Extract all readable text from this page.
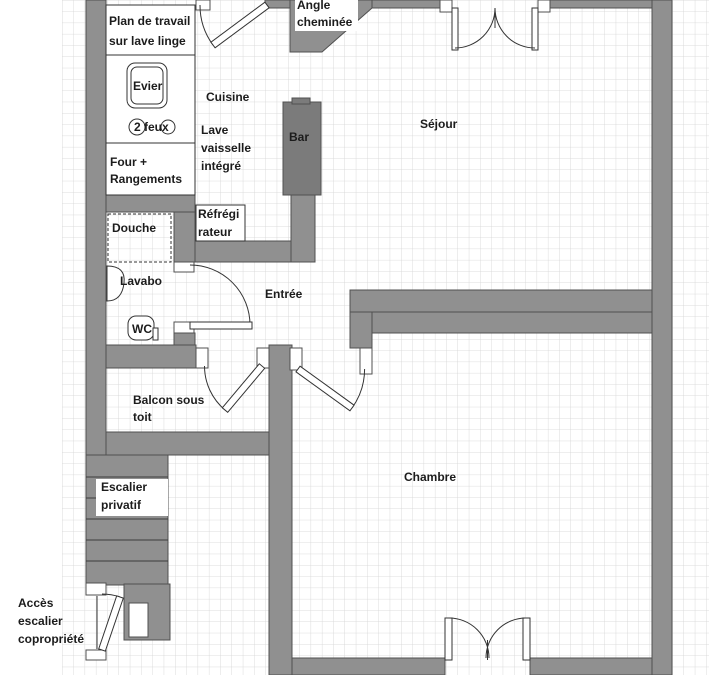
Plan de travail
sur lave linge
Angle
cheminée
Evier
Cuisine
2 feux	Lave
vaisselle
intégré
Bar
Séjour
Four +
Rangements
Douche
Réfrégi
rateur
Lavabo
Entrée
WC
Balcon sous
toit
Chambre
Escalier
privatif
Accès
escalier
copropriété
